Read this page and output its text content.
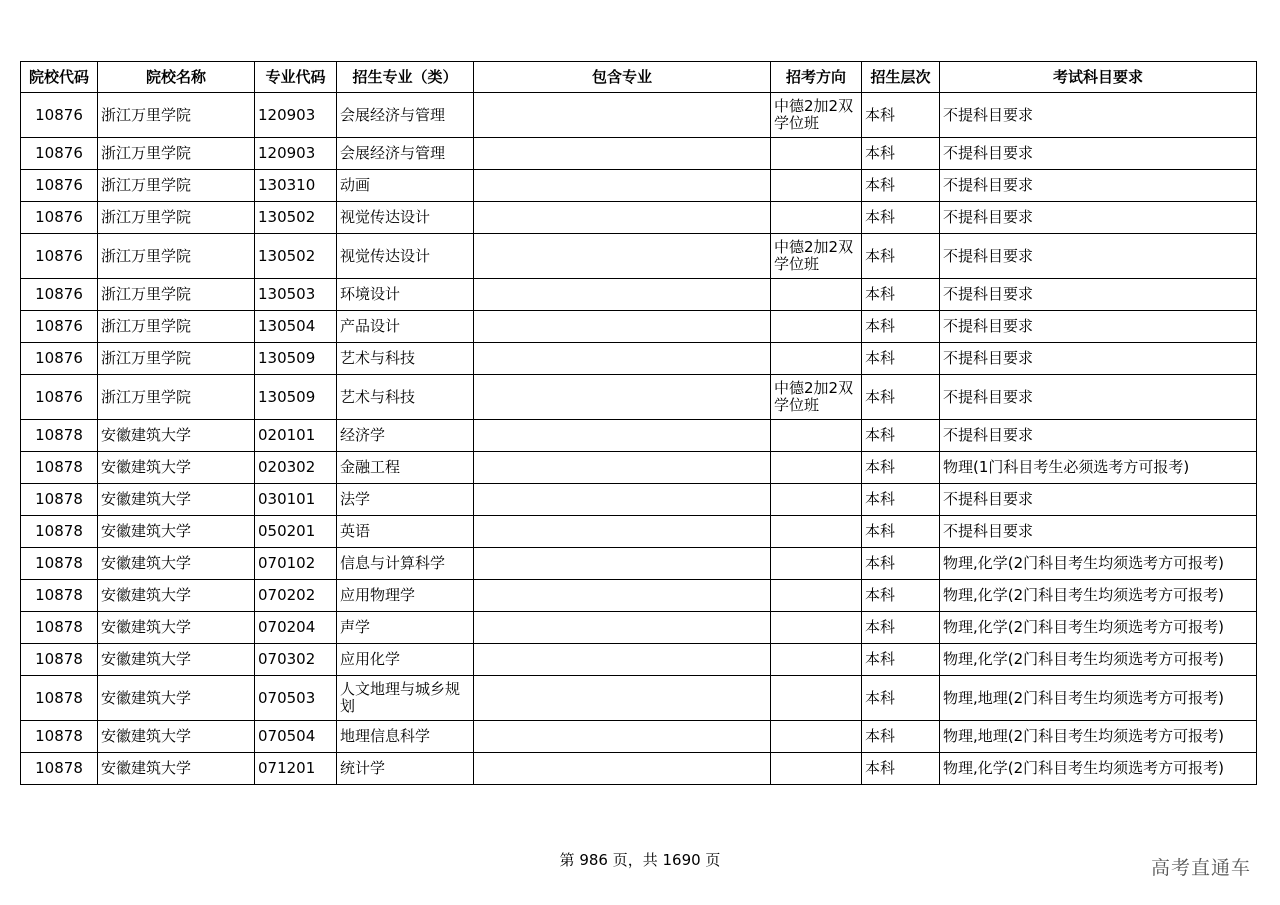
院校代码	院校名称	专业代码	招生专业（类）	包含专业	招考方向	招生层次	考试科目要求
10876	浙江万里学院	120903	会展经济与管理		中德2加2双学位班	本科	不提科目要求
10876	浙江万里学院	120903	会展经济与管理			本科	不提科目要求
10876	浙江万里学院	130310	动画			本科	不提科目要求
10876	浙江万里学院	130502	视觉传达设计			本科	不提科目要求
10876	浙江万里学院	130502	视觉传达设计		中德2加2双学位班	本科	不提科目要求
10876	浙江万里学院	130503	环境设计			本科	不提科目要求
10876	浙江万里学院	130504	产品设计			本科	不提科目要求
10876	浙江万里学院	130509	艺术与科技			本科	不提科目要求
10876	浙江万里学院	130509	艺术与科技		中德2加2双学位班	本科	不提科目要求
10878	安徽建筑大学	020101	经济学			本科	不提科目要求
10878	安徽建筑大学	020302	金融工程			本科	物理(1门科目考生必须选考方可报考)
10878	安徽建筑大学	030101	法学			本科	不提科目要求
10878	安徽建筑大学	050201	英语			本科	不提科目要求
10878	安徽建筑大学	070102	信息与计算科学			本科	物理,化学(2门科目考生均须选考方可报考)
10878	安徽建筑大学	070202	应用物理学			本科	物理,化学(2门科目考生均须选考方可报考)
10878	安徽建筑大学	070204	声学			本科	物理,化学(2门科目考生均须选考方可报考)
10878	安徽建筑大学	070302	应用化学			本科	物理,化学(2门科目考生均须选考方可报考)
10878	安徽建筑大学	070503	人文地理与城乡规划			本科	物理,地理(2门科目考生均须选考方可报考)
10878	安徽建筑大学	070504	地理信息科学			本科	物理,地理(2门科目考生均须选考方可报考)
10878	安徽建筑大学	071201	统计学			本科	物理,化学(2门科目考生均须选考方可报考)
第 986 页，共 1690 页	高考直通车
